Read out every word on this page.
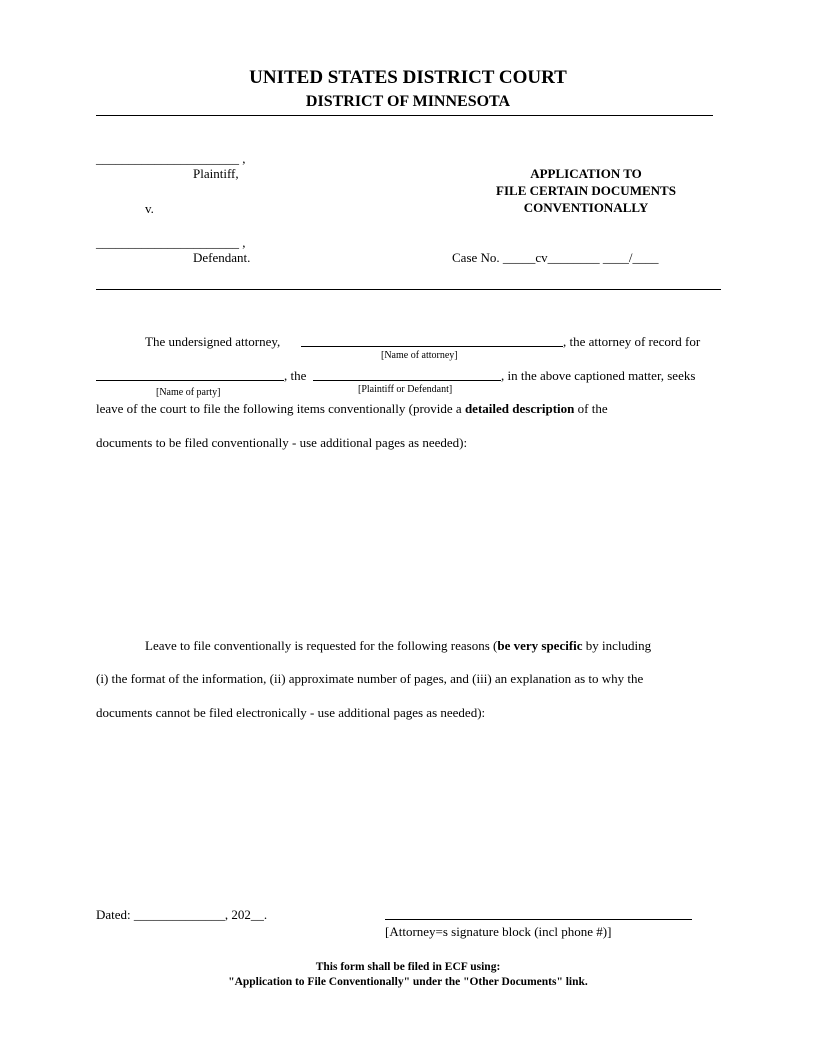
UNITED STATES DISTRICT COURT
DISTRICT OF MINNESOTA
______________________ ,
Plaintiff,
v.
______________________ ,
Defendant.
APPLICATION TO
FILE CERTAIN DOCUMENTS
CONVENTIONALLY
Case No. _____cv________ ____/____
The undersigned attorney,	, the attorney of record for
[Name of attorney]
, the	, in the above captioned matter, seeks
[Name of party]	[Plaintiff or Defendant]
leave of the court to file the following items conventionally (provide a detailed description of the
documents to be filed conventionally - use additional pages as needed):
Leave to file conventionally is requested for the following reasons (be very specific by including
(i) the format of the information, (ii) approximate number of pages, and (iii) an explanation as to why the
documents cannot be filed electronically - use additional pages as needed):
Dated: ______________, 202__.
[Attorney=s signature block (incl phone #)]
This form shall be filed in ECF using:
"Application to File Conventionally" under the "Other Documents" link.
